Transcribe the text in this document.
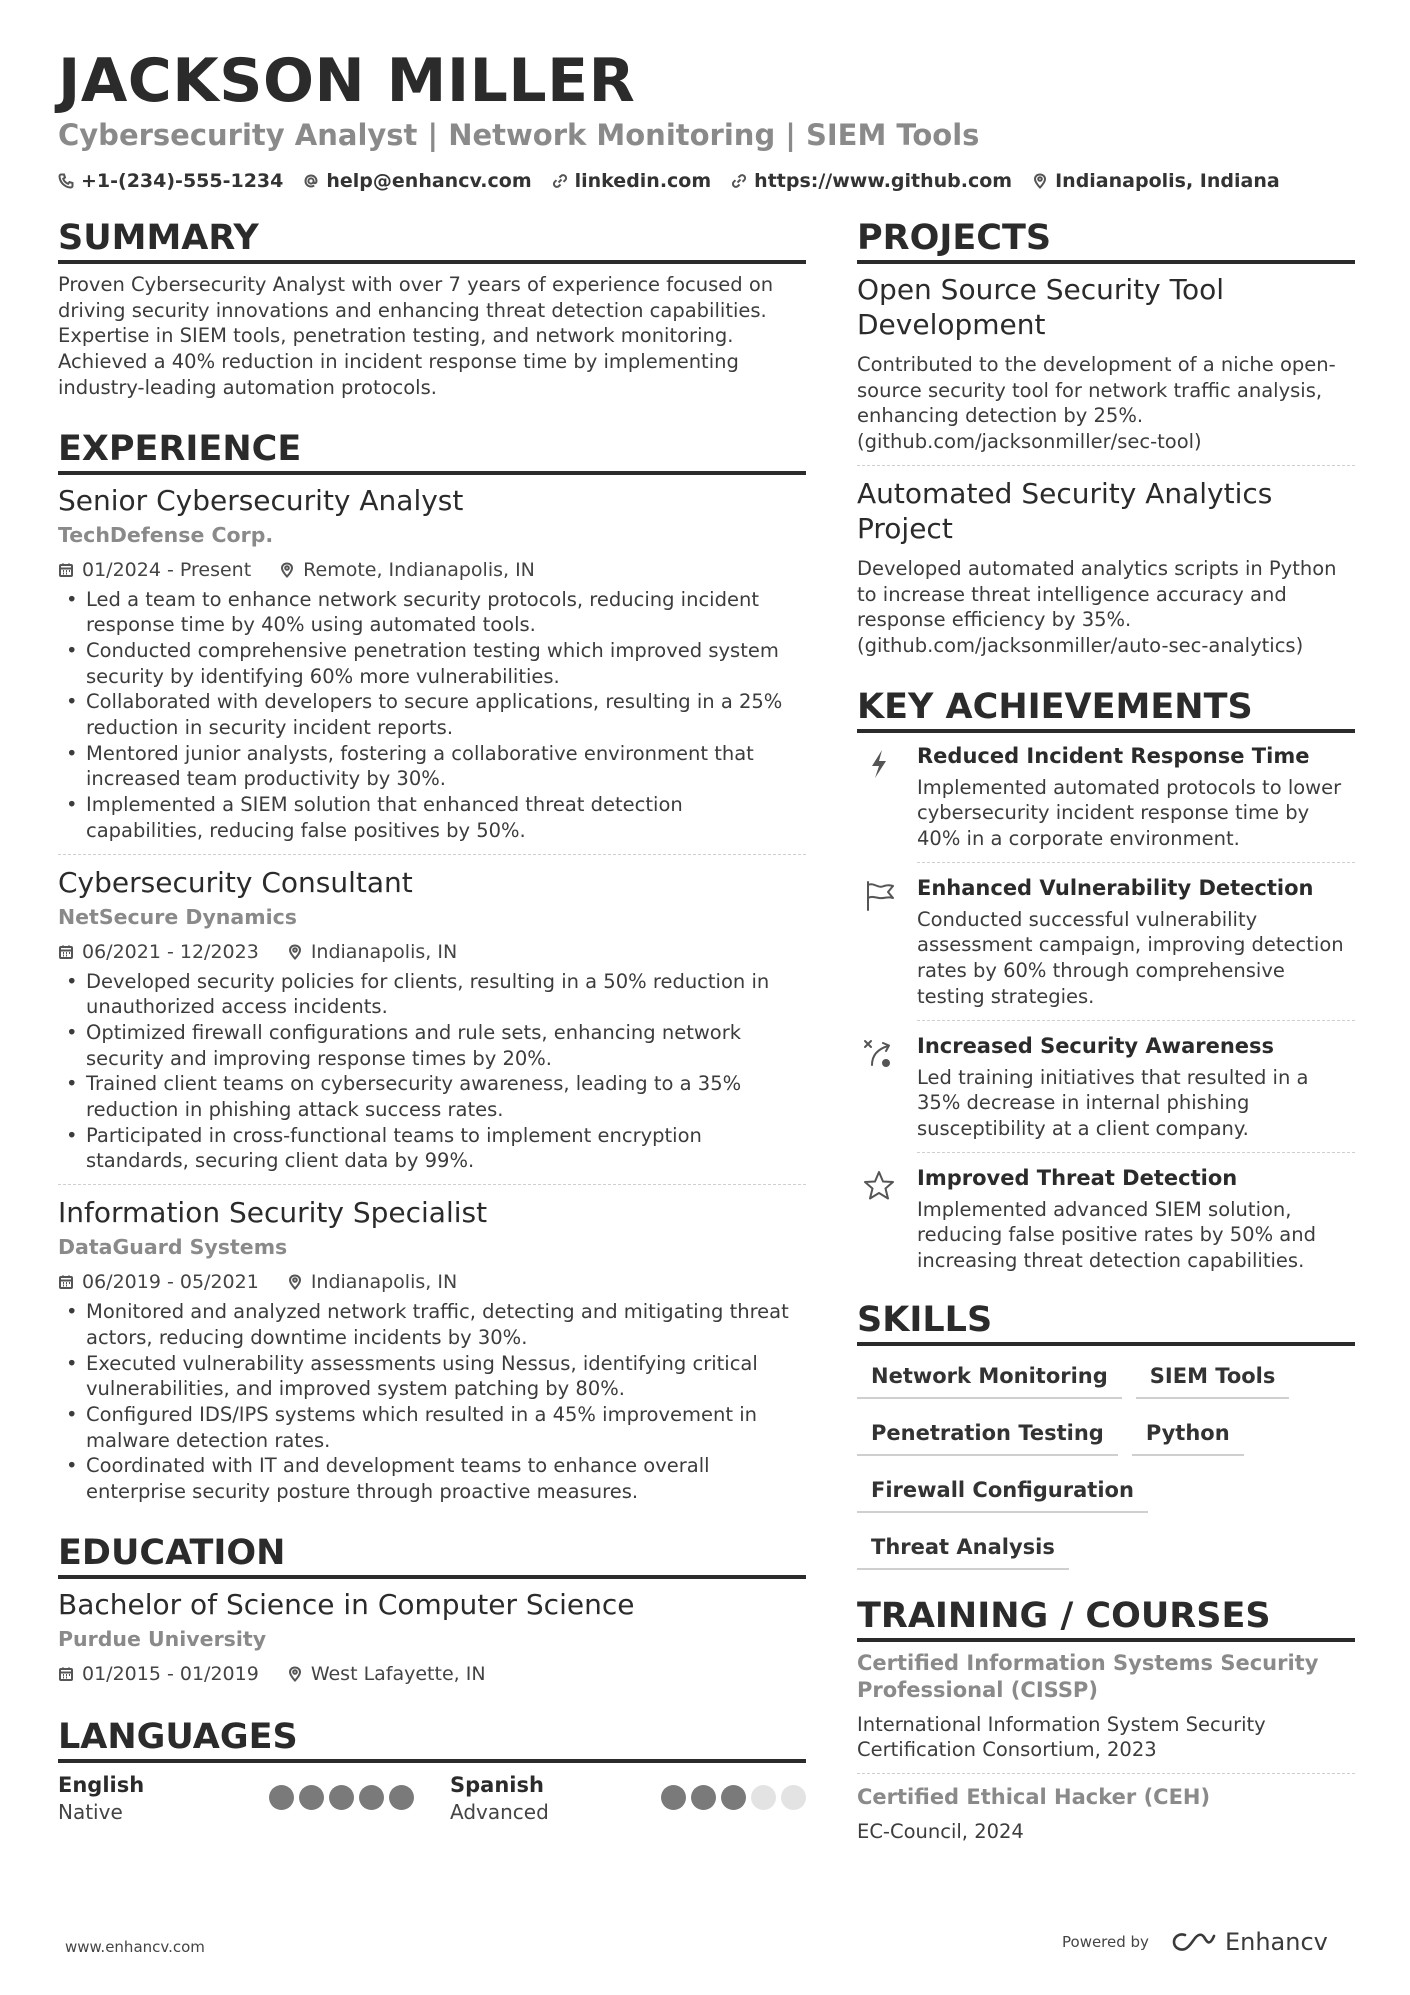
JACKSON MILLER
Cybersecurity Analyst | Network Monitoring | SIEM Tools
+1-(234)-555-1234 help@enhancv.com linkedin.com https://www.github.com Indianapolis, Indiana
SUMMARY
Proven Cybersecurity Analyst with over 7 years of experience focused on
driving security innovations and enhancing threat detection capabilities.
Expertise in SIEM tools, penetration testing, and network monitoring.
Achieved a 40% reduction in incident response time by implementing
industry-leading automation protocols.
EXPERIENCE
Senior Cybersecurity Analyst
TechDefense Corp.
01/2024 - Present	Remote, Indianapolis, IN
• Led a team to enhance network security protocols, reducing incident
response time by 40% using automated tools.
• Conducted comprehensive penetration testing which improved system
security by identifying 60% more vulnerabilities.
• Collaborated with developers to secure applications, resulting in a 25%
reduction in security incident reports.
• Mentored junior analysts, fostering a collaborative environment that
increased team productivity by 30%.
• Implemented a SIEM solution that enhanced threat detection
capabilities, reducing false positives by 50%.
Cybersecurity Consultant
NetSecure Dynamics
06/2021 - 12/2023	Indianapolis, IN
• Developed security policies for clients, resulting in a 50% reduction in
unauthorized access incidents.
• Optimized firewall configurations and rule sets, enhancing network
security and improving response times by 20%.
• Trained client teams on cybersecurity awareness, leading to a 35%
reduction in phishing attack success rates.
• Participated in cross-functional teams to implement encryption
standards, securing client data by 99%.
Information Security Specialist
DataGuard Systems
06/2019 - 05/2021	Indianapolis, IN
• Monitored and analyzed network traffic, detecting and mitigating threat
actors, reducing downtime incidents by 30%.
• Executed vulnerability assessments using Nessus, identifying critical
vulnerabilities, and improved system patching by 80%.
• Configured IDS/IPS systems which resulted in a 45% improvement in
malware detection rates.
• Coordinated with IT and development teams to enhance overall
enterprise security posture through proactive measures.
EDUCATION
Bachelor of Science in Computer Science
Purdue University
01/2015 - 01/2019	West Lafayette, IN
LANGUAGES
English
Native
Spanish
Advanced
PROJECTS
Open Source Security Tool
Development
Contributed to the development of a niche open-
source security tool for network traffic analysis,
enhancing detection by 25%.
(github.com/jacksonmiller/sec-tool)
Automated Security Analytics
Project
Developed automated analytics scripts in Python
to increase threat intelligence accuracy and
response efficiency by 35%.
(github.com/jacksonmiller/auto-sec-analytics)
KEY ACHIEVEMENTS
Reduced Incident Response Time
Implemented automated protocols to lower
cybersecurity incident response time by
40% in a corporate environment.
Enhanced Vulnerability Detection
Conducted successful vulnerability
assessment campaign, improving detection
rates by 60% through comprehensive
testing strategies.
Increased Security Awareness
Led training initiatives that resulted in a
35% decrease in internal phishing
susceptibility at a client company.
Improved Threat Detection
Implemented advanced SIEM solution,
reducing false positive rates by 50% and
increasing threat detection capabilities.
SKILLS
Network Monitoring	SIEM Tools
Penetration Testing	Python
Firewall Configuration
Threat Analysis
TRAINING / COURSES
Certified Information Systems Security
Professional (CISSP)
International Information System Security
Certification Consortium, 2023
Certified Ethical Hacker (CEH)
EC-Council, 2024
www.enhancv.com	Powered by	Enhancv
